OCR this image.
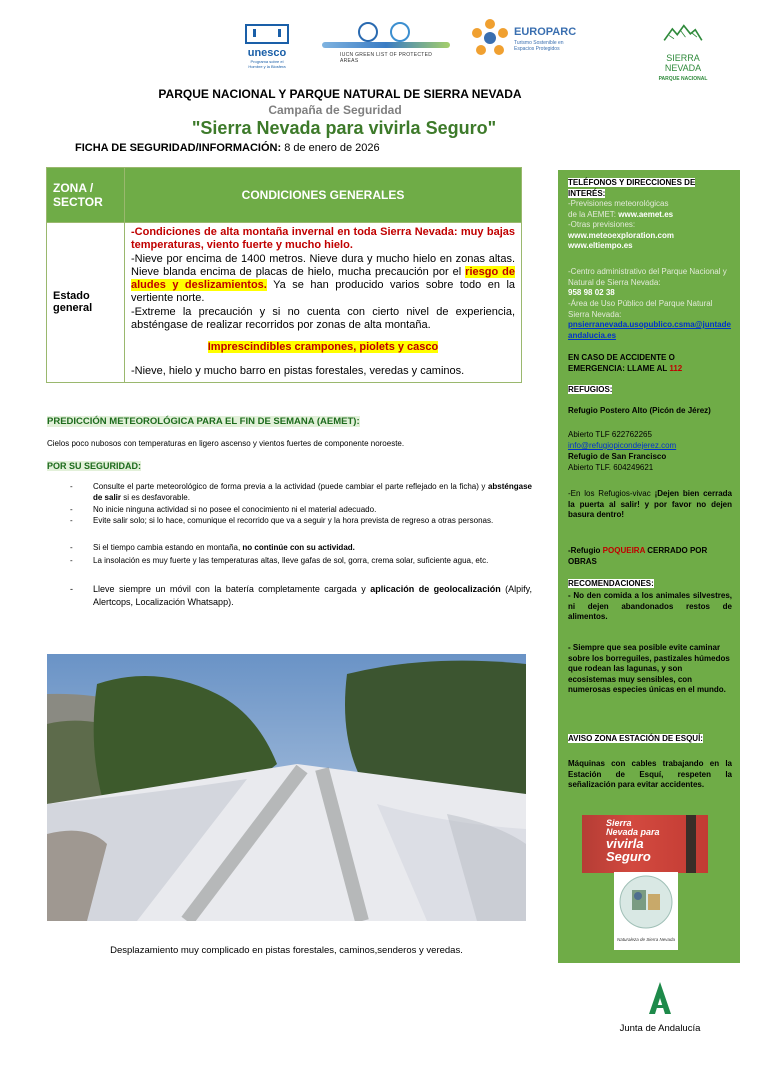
unesco
Programa sobre el Hombre y la Biosfera
IUCN GREEN LIST OF PROTECTED AREAS
EUROPARC
Turismo Sostenible en
Espacios Protegidos
SIERRA
NEVADA
PARQUE NACIONAL
PARQUE NACIONAL Y PARQUE NATURAL DE SIERRA NEVADA
Campaña de Seguridad
"Sierra Nevada para vivirla Seguro"
FICHA DE SEGURIDAD/INFORMACIÓN: 8 de enero de 2026
ZONA / SECTOR	CONDICIONES GENERALES
Estado general	-Condiciones de alta montaña invernal en toda Sierra Nevada: muy bajas temperaturas, viento fuerte y mucho hielo.
-Nieve por encima de 1400 metros. Nieve dura y mucho hielo en zonas altas. Nieve blanda encima de placas de hielo, mucha precaución por el riesgo de aludes y deslizamientos. Ya se han producido varios sobre todo en la vertiente norte.
-Extreme la precaución y si no cuenta con cierto nivel de experiencia, absténgase de realizar recorridos por zonas de alta montaña.
Imprescindibles crampones, piolets y casco
-Nieve, hielo y mucho barro en pistas forestales, veredas y caminos.
PREDICCIÓN METEOROLÓGICA PARA EL FIN DE SEMANA (AEMET):
Cielos poco nubosos con temperaturas en ligero ascenso y vientos fuertes de componente noroeste.
POR SU SEGURIDAD:
-	Consulte el parte meteorológico de forma previa a la actividad (puede cambiar el parte reflejado en la ficha) y absténgase de salir si es desfavorable.
-	No inicie ninguna actividad si no posee el conocimiento ni el material adecuado.
-	Evite salir solo; si lo hace, comunique el recorrido que va a seguir y la hora prevista de regreso a otras personas.
-	Si el tiempo cambia estando en montaña, no continúe con su actividad.
-	La insolación es muy fuerte y las temperaturas altas, lleve gafas de sol, gorra, crema solar, suficiente agua, etc.
- Lleve siempre un móvil con la batería completamente cargada y aplicación de geolocalización (Alpify, Alertcops, Localización Whatsapp).
Desplazamiento muy complicado en pistas forestales, caminos,senderos y veredas.
TELÉFONOS Y DIRECCIONES DE INTERÉS:
-Previsiones meteorológicas
de la AEMET: www.aemet.es
-Otras previsiones:
www.meteoexploration.com
www.eltiempo.es
-Centro administrativo del Parque Nacional y Natural de Sierra Nevada:
958 98 02 38
-Área de Uso Público del Parque Natural Sierra Nevada:
pnsierranevada.usopublico.csma@juntadeandalucia.es
EN CASO DE ACCIDENTE O EMERGENCIA: LLAME AL 112
REFUGIOS:
Refugio Postero Alto (Picón de Jérez)
Abierto TLF 622762265
info@refugiopicondejerez.com
Refugio de San Francisco
Abierto TLF. 604249621
-En los Refugios-vivac ¡Dejen bien cerrada la puerta al salir! y por favor no dejen basura dentro!
-Refugio POQUEIRA CERRADO POR OBRAS
RECOMENDACIONES:
- No den comida a los animales silvestres, ni dejen abandonados restos de alimentos.
- Siempre que sea posible evite caminar sobre los borreguiles, pastizales húmedos que rodean las lagunas, y son ecosistemas muy sensibles, con numerosas especies únicas en el mundo.
AVISO ZONA ESTACIÓN DE ESQUÍ:
Máquinas con cables trabajando en la Estación de Esquí, respeten la señalización para evitar accidentes.
Sierra
Nevada para
vivirla
Seguro
Naturaleza de Sierra Nevada
Junta de Andalucía
